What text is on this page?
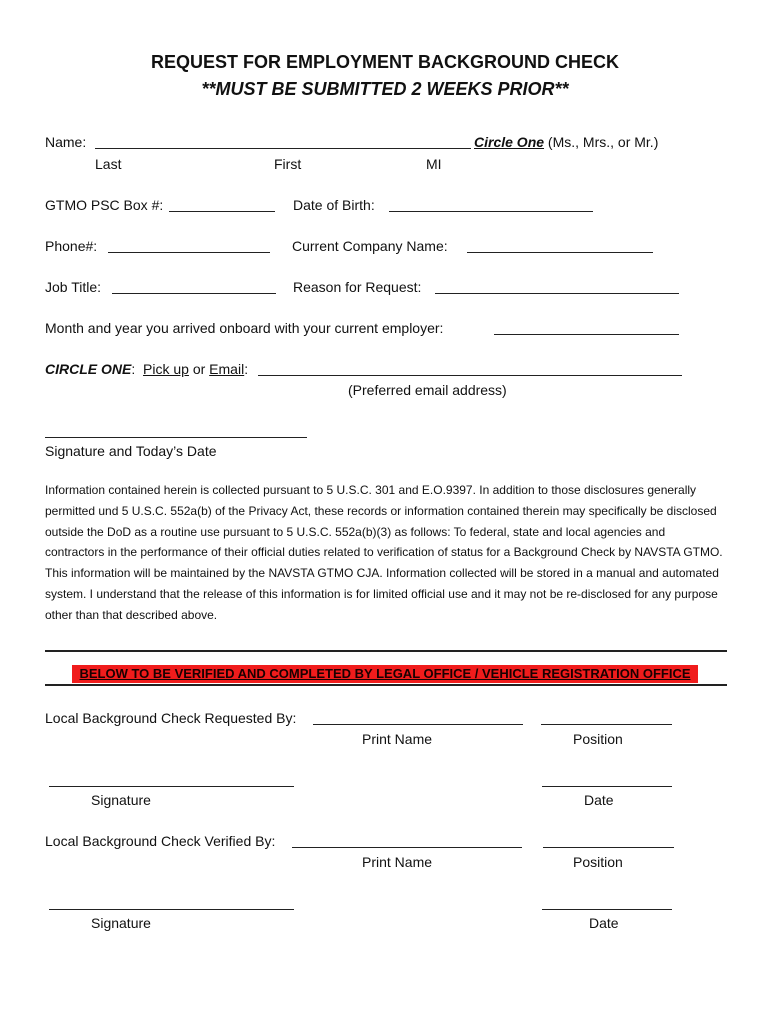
REQUEST FOR EMPLOYMENT BACKGROUND CHECK
**MUST BE SUBMITTED 2 WEEKS PRIOR**
Name:	Circle One (Ms., Mrs., or Mr.)
Last	First	MI
GTMO PSC Box #:	Date of Birth:
Phone#:	Current Company Name:
Job Title:	Reason for Request:
Month and year you arrived onboard with your current employer:
CIRCLE ONE:  Pick up or Email:
(Preferred email address)
Signature and Today’s Date
Information contained herein is collected pursuant to 5 U.S.C. 301 and E.O.9397. In addition to those disclosures generally permitted und 5 U.S.C. 552a(b) of the Privacy Act, these records or information contained therein may specifically be disclosed outside the DoD as a routine use pursuant to 5 U.S.C. 552a(b)(3) as follows: To federal, state and local agencies and contractors in the performance of their official duties related to verification of status for a Background Check by NAVSTA GTMO. This information will be maintained by the NAVSTA GTMO CJA. Information collected will be stored in a manual and automated system. I understand that the release of this information is for limited official use and it may not be re-disclosed for any purpose other than that described above.
BELOW TO BE VERIFIED AND COMPLETED BY LEGAL OFFICE / VEHICLE REGISTRATION OFFICE
Local Background Check Requested By:
Print Name	Position
Signature	Date
Local Background Check Verified By:
Print Name	Position
Signature	Date
